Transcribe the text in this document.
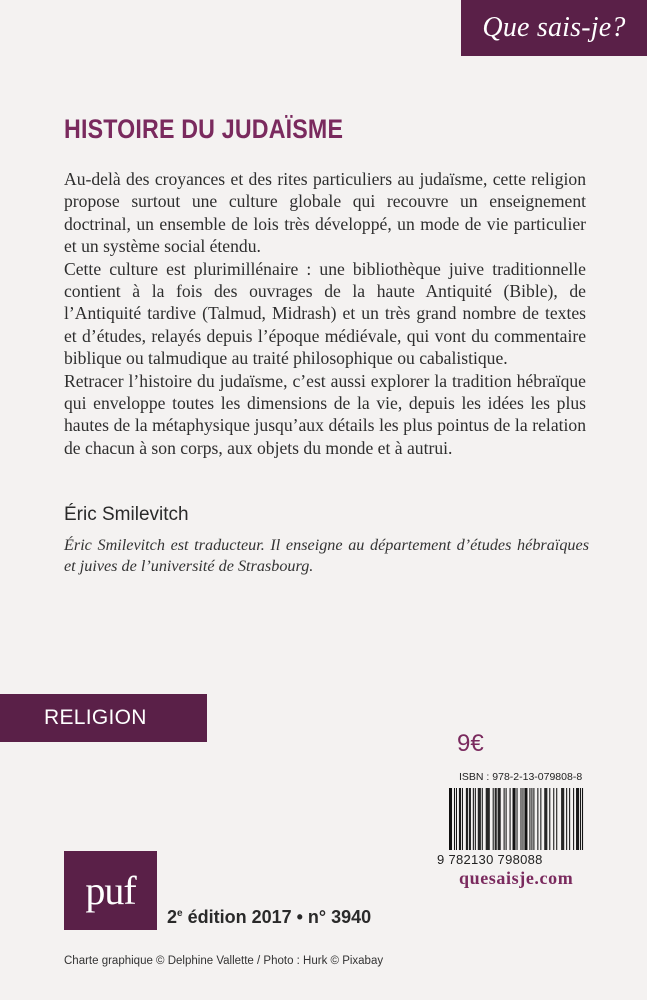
Que sais-je?
HISTOIRE DU JUDAÏSME

Au-delà des croyances et des rites particuliers au judaïsme, cette religion propose surtout une culture globale qui recouvre un enseignement doctrinal, un ensemble de lois très développé, un mode de vie particulier et un système social étendu.

Cette culture est plurimillénaire : une bibliothèque juive traditionnelle contient à la fois des ouvrages de la haute Antiquité (Bible), de l’Antiquité tardive (Talmud, Midrash) et un très grand nombre de textes et d’études, relayés depuis l’époque médiévale, qui vont du commentaire biblique ou talmudique au traité philosophique ou cabalistique.

Retracer l’histoire du judaïsme, c’est aussi explorer la tradition hébraïque qui enveloppe toutes les dimensions de la vie, depuis les idées les plus hautes de la métaphysique jusqu’aux détails les plus pointus de la relation de chacun à son corps, aux objets du monde et à autrui.

Éric Smilevitch
Éric Smilevitch est traducteur. Il enseigne au département d’études hébraïques et juives de l’université de Strasbourg.
RELIGION
9€
ISBN : 978-2-13-079808-8
9 782130 798088
quesaisje.com
puf
2e édition 2017 • n° 3940
Charte graphique © Delphine Vallette / Photo : Hurk © Pixabay
